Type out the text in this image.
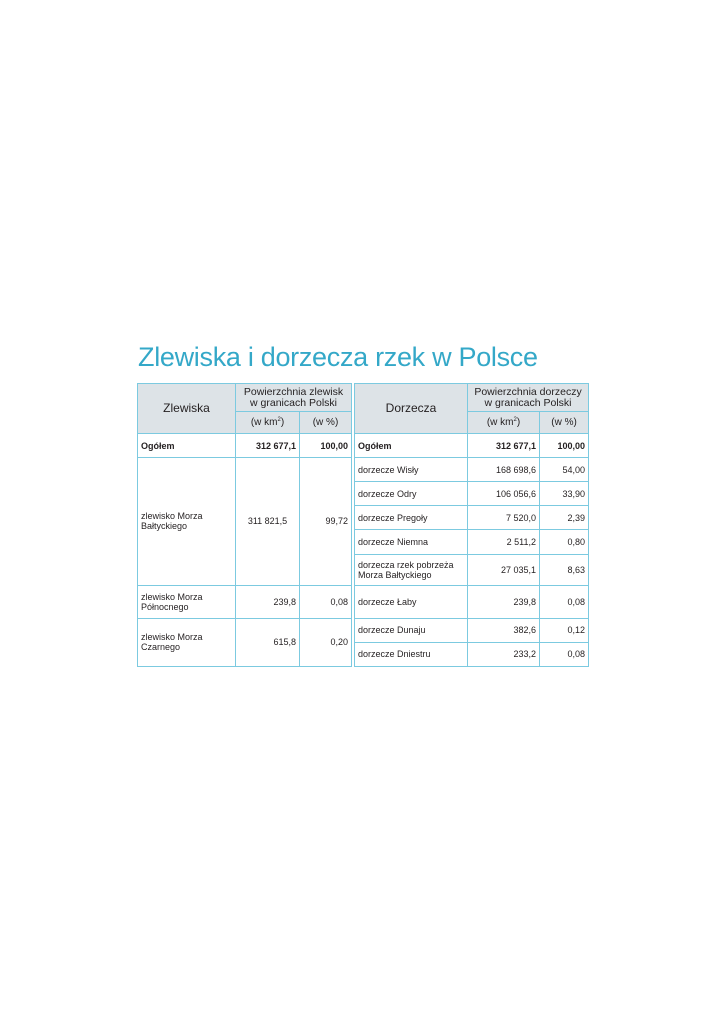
Zlewiska i dorzecza rzek w Polsce
Zlewiska	Powierzchnia zlewisk w granicach Polski			Dorzecza	Powierzchnia dorzeczy w granicach Polski	
	(w $km^2$)	(w %)			(w $km^2$)	(w %)
Ogółem	312 677,1	100,00		Ogółem	312 677,1	100,00
zlewisko Morza Bałtyckiego	311 821,5	99,72		dorzecze Wisły	168 698,6	54,00
				dorzecze Odry	106 056,6	33,90
				dorzecze Pregoły	7 520,0	2,39
				dorzecze Niemna	2 511,2	0,80
				dorzecza rzek pobrzeża Morza Bałtyckiego	27 035,1	8,63
zlewisko Morza Północnego	239,8	0,08		dorzecze Łaby	239,8	0,08
zlewisko Morza Czarnego	615,8	0,20		dorzecze Dunaju	382,6	0,12
				dorzecze Dniestru	233,2	0,08
